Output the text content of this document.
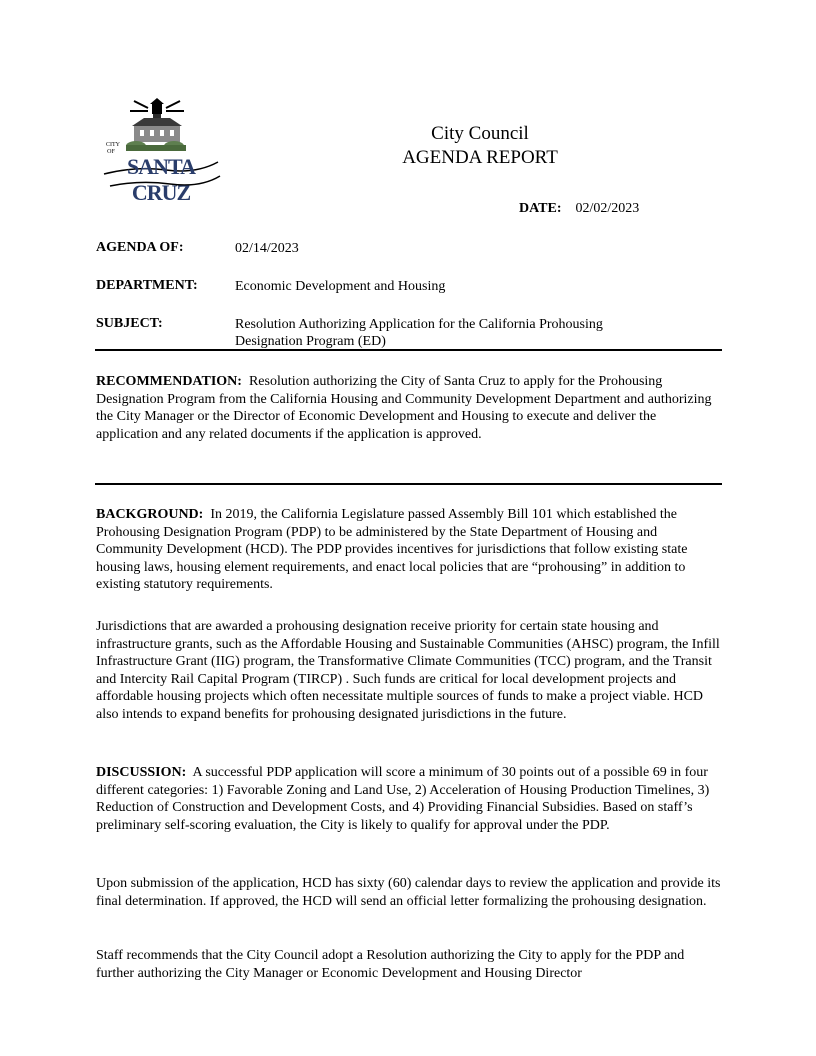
CITY OF
SANTA CRUZ
City Council
AGENDA REPORT
DATE: 02/02/2023
AGENDA OF:	02/14/2023
DEPARTMENT:	Economic Development and Housing
SUBJECT:	Resolution Authorizing Application for the California Prohousing Designation Program (ED)
RECOMMENDATION: Resolution authorizing the City of Santa Cruz to apply for the Prohousing Designation Program from the California Housing and Community Development Department and authorizing the City Manager or the Director of Economic Development and Housing to execute and deliver the application and any related documents if the application is approved.
BACKGROUND: In 2019, the California Legislature passed Assembly Bill 101 which established the Prohousing Designation Program (PDP) to be administered by the State Department of Housing and Community Development (HCD). The PDP provides incentives for jurisdictions that follow existing state housing laws, housing element requirements, and enact local policies that are “prohousing” in addition to existing statutory requirements.
Jurisdictions that are awarded a prohousing designation receive priority for certain state housing and infrastructure grants, such as the Affordable Housing and Sustainable Communities (AHSC) program, the Infill Infrastructure Grant (IIG) program, the Transformative Climate Communities (TCC) program, and the Transit and Intercity Rail Capital Program (TIRCP) . Such funds are critical for local development projects and affordable housing projects which often necessitate multiple sources of funds to make a project viable. HCD also intends to expand benefits for prohousing designated jurisdictions in the future.
DISCUSSION: A successful PDP application will score a minimum of 30 points out of a possible 69 in four different categories: 1) Favorable Zoning and Land Use, 2) Acceleration of Housing Production Timelines, 3) Reduction of Construction and Development Costs, and 4) Providing Financial Subsidies. Based on staff’s preliminary self-scoring evaluation, the City is likely to qualify for approval under the PDP.
Upon submission of the application, HCD has sixty (60) calendar days to review the application and provide its final determination. If approved, the HCD will send an official letter formalizing the prohousing designation.
Staff recommends that the City Council adopt a Resolution authorizing the City to apply for the PDP and further authorizing the City Manager or Economic Development and Housing Director
